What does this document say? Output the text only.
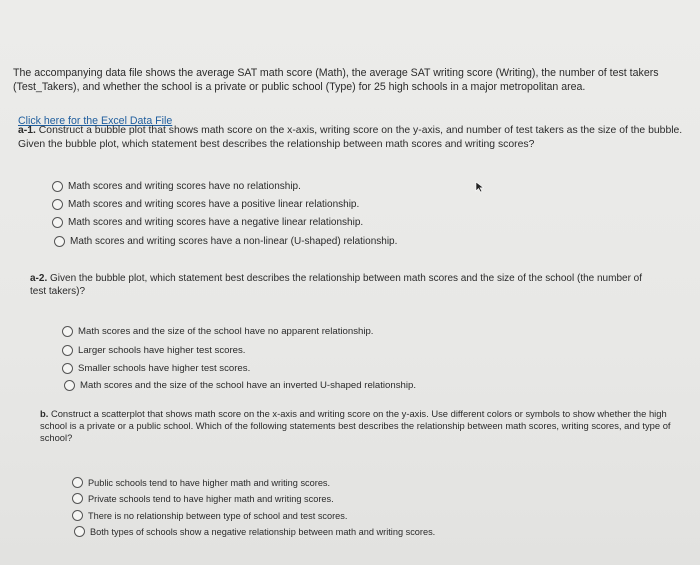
The accompanying data file shows the average SAT math score (Math), the average SAT writing score (Writing), the number of test takers (Test_Takers), and whether the school is a private or public school (Type) for 25 high schools in a major metropolitan area.
Click here for the Excel Data File
a-1. Construct a bubble plot that shows math score on the x-axis, writing score on the y-axis, and number of test takers as the size of the bubble. Given the bubble plot, which statement best describes the relationship between math scores and writing scores?
Math scores and writing scores have no relationship.
Math scores and writing scores have a positive linear relationship.
Math scores and writing scores have a negative linear relationship.
Math scores and writing scores have a non-linear (U-shaped) relationship.
a-2. Given the bubble plot, which statement best describes the relationship between math scores and the size of the school (the number of test takers)?
Math scores and the size of the school have no apparent relationship.
Larger schools have higher test scores.
Smaller schools have higher test scores.
Math scores and the size of the school have an inverted U-shaped relationship.
b. Construct a scatterplot that shows math score on the x-axis and writing score on the y-axis. Use different colors or symbols to show whether the high school is a private or a public school. Which of the following statements best describes the relationship between math scores, writing scores, and type of school?
Public schools tend to have higher math and writing scores.
Private schools tend to have higher math and writing scores.
There is no relationship between type of school and test scores.
Both types of schools show a negative relationship between math and writing scores.
